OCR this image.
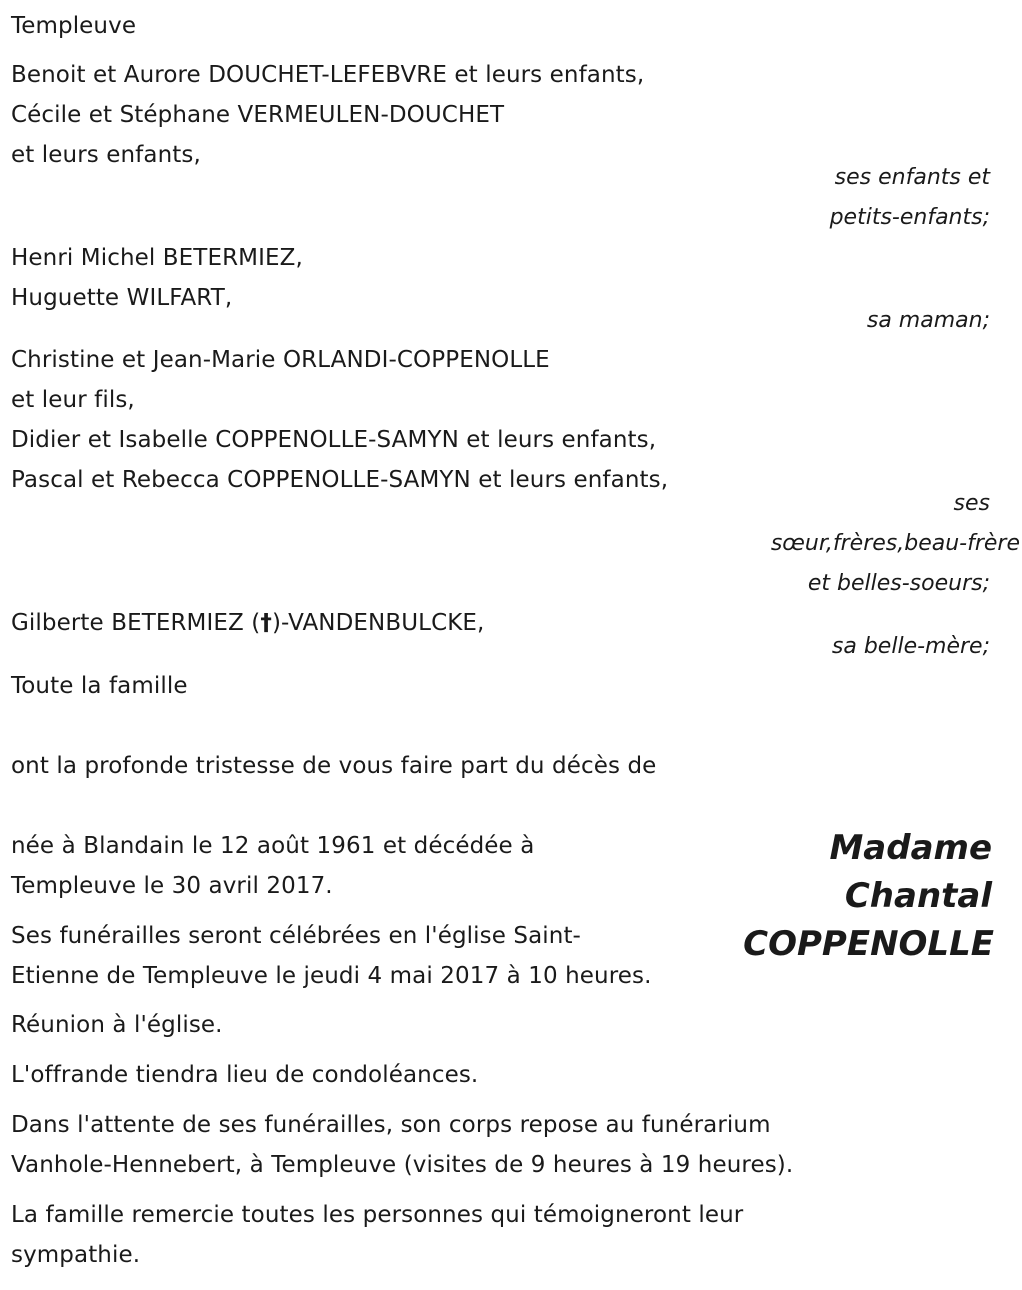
Templeuve
Benoit et Aurore DOUCHET-LEFEBVRE et leurs enfants,
Cécile et Stéphane VERMEULEN-DOUCHET
et leurs enfants,
ses enfants et
petits-enfants;
Henri Michel BETERMIEZ,
Huguette WILFART,
sa maman;
Christine et Jean-Marie ORLANDI-COPPENOLLE
et leur fils,
Didier et Isabelle COPPENOLLE-SAMYN et leurs enfants,
Pascal et Rebecca COPPENOLLE-SAMYN et leurs enfants,
ses
sœur,frères,beau-frère
et belles-soeurs;
Gilberte BETERMIEZ (†)-VANDENBULCKE,
sa belle-mère;
Toute la famille
ont la profonde tristesse de vous faire part du décès de
Madame
Chantal
COPPENOLLE
née à Blandain le 12 août 1961 et décédée à
Templeuve le 30 avril 2017.
Ses funérailles seront célébrées en l'église Saint-
Etienne de Templeuve le jeudi 4 mai 2017 à 10 heures.
Réunion à l'église.
L'offrande tiendra lieu de condoléances.
Dans l'attente de ses funérailles, son corps repose au funérarium
Vanhole-Hennebert, à Templeuve (visites de 9 heures à 19 heures).
La famille remercie toutes les personnes qui témoigneront leur
sympathie.
